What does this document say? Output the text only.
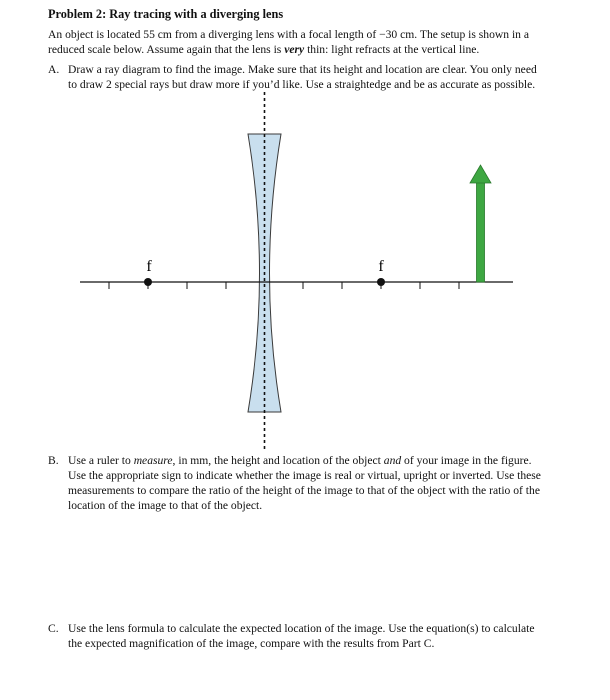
Problem 2: Ray tracing with a diverging lens
An object is located 55 cm from a diverging lens with a focal length of −30 cm. The setup is shown in a
reduced scale below. Assume again that the lens is very thin: light refracts at the vertical line.
A. Draw a ray diagram to find the image. Make sure that its height and location are clear. You only need
to draw 2 special rays but draw more if you’d like. Use a straightedge and be as accurate as possible.
f	f
B. Use a ruler to measure, in mm, the height and location of the object and of your image in the figure.
Use the appropriate sign to indicate whether the image is real or virtual, upright or inverted. Use these
measurements to compare the ratio of the height of the image to that of the object with the ratio of the
location of the image to that of the object.
C. Use the lens formula to calculate the expected location of the image. Use the equation(s) to calculate
the expected magnification of the image, compare with the results from Part C.
